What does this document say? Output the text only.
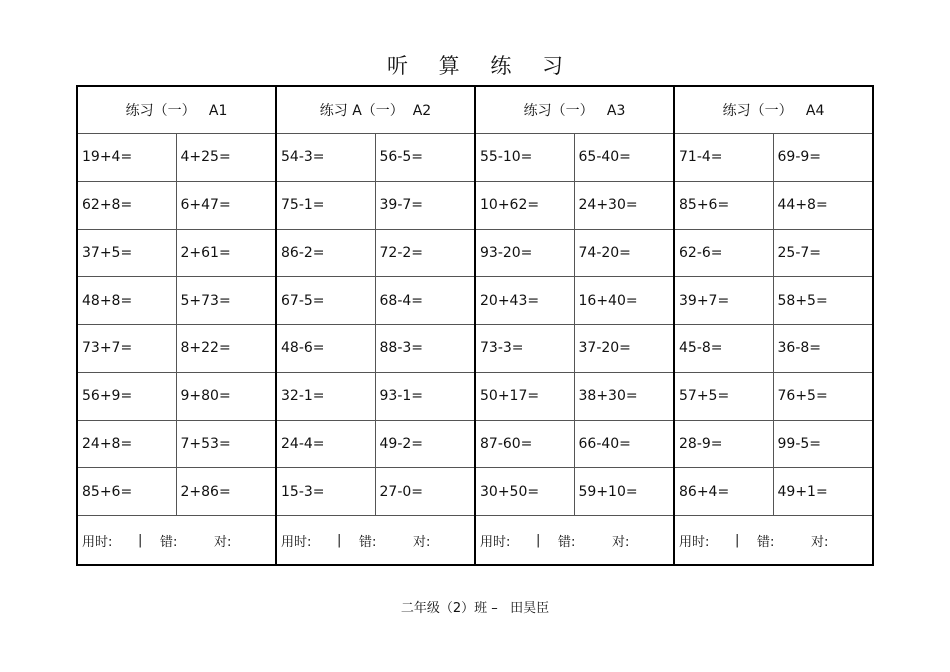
听 算 练 习
练习（一）   A1
19+4=	4+25=
62+8=	6+47=
37+5=	2+61=
48+8=	5+73=
73+7=	8+22=
56+9=	9+80=
24+8=	7+53=
85+6=	2+86=
用时:	|	错:	对:
练习 A（一）  A2
54-3=	56-5=
75-1=	39-7=
86-2=	72-2=
67-5=	68-4=
48-6=	88-3=
32-1=	93-1=
24-4=	49-2=
15-3=	27-0=
用时:	|	错:	对:
练习（一）   A3
55-10=	65-40=
10+62=	24+30=
93-20=	74-20=
20+43=	16+40=
73-3=	37-20=
50+17=	38+30=
87-60=	66-40=
30+50=	59+10=
用时:	|	错:	对:
练习（一）   A4
71-4=	69-9=
85+6=	44+8=
62-6=	25-7=
39+7=	58+5=
45-8=	36-8=
57+5=	76+5=
28-9=	99-5=
86+4=	49+1=
用时:	|	错:	对:
二年级（2）班 –   田昊臣
